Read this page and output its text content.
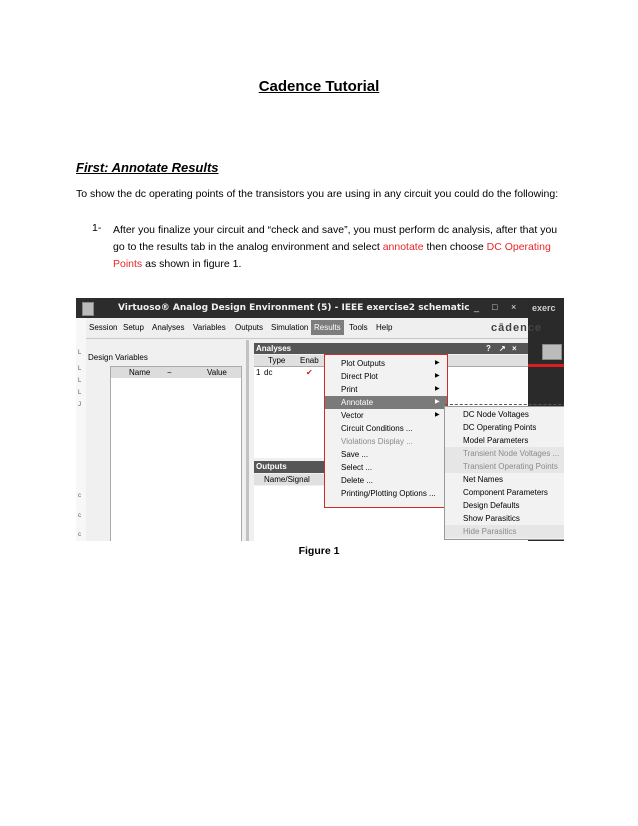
Cadence Tutorial
First: Annotate Results
To show the dc operating points of the transistors you are using in any circuit you could do the following:
1- After you finalize your circuit and “check and save”, you must perform dc analysis, after that you go to the results tab in the analog environment and select annotate then choose DC Operating Points as shown in figure 1.
Virtuoso® Analog Design Environment (5) - IEEE exercise2 schematic _ □ × exerc
L
L
L
L
J
c
c
c
Session Setup Analyses Variables Outputs Simulation Results	Tools Help	cādence
Design Variables
Name −	Value
Analyses	? ↗ ×
Type Enab
1 dc	✔
Outputs
Name/Signal
Plot Outputs	▶
Direct Plot	▶
Print	▶
Annotate	▶
Vector	▶
Circuit Conditions ...
Violations Display ...
Save ...
Select ...
Delete ...
Printing/Plotting Options ...
DC Node Voltages
DC Operating Points
Model Parameters
Transient Node Voltages ...
Transient Operating Points
Net Names
Component Parameters
Design Defaults
Show Parasitics
Hide Parasitics
Figure 1
